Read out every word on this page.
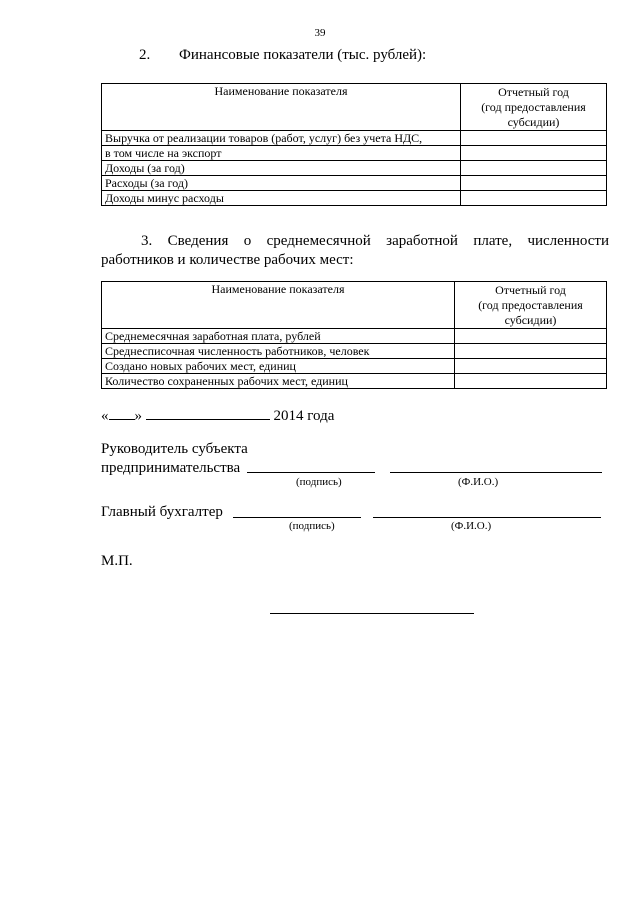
39
2. Финансовые показатели (тыс. рублей):
Наименование показателя	Отчетный год
(год предоставления
субсидии)

Выручка от реализации товаров (работ, услуг) без учета НДС,	
в том числе на экспорт	
Доходы (за год)	
Расходы (за год)	
Доходы минус расходы	
3. Сведения о среднемесячной заработной плате, численности работников и количестве рабочих мест:
Наименование показателя	Отчетный год
(год предоставления
субсидии)

Среднемесячная заработная плата, рублей	
Среднесписочная численность работников, человек	
Создано новых рабочих мест, единиц	
Количество сохраненных рабочих мест, единиц	
« »	2014 года
Руководитель субъекта
предпринимательства
(подпись)	(Ф.И.О.)
Главный бухгалтер
(подпись)	(Ф.И.О.)
М.П.
